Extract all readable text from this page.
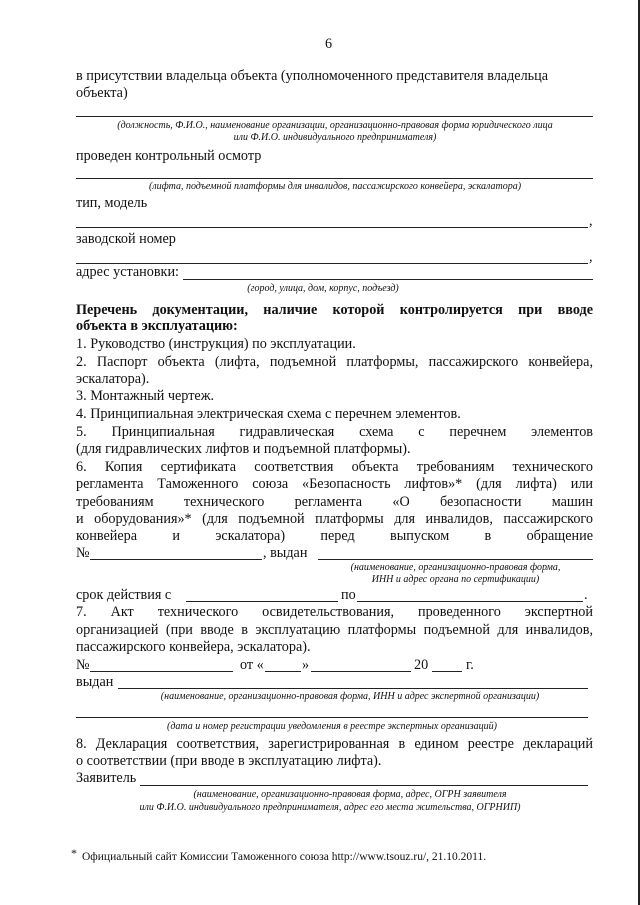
6
в присутствии владельца объекта (уполномоченного представителя владельца
объекта)
(должность, Ф.И.О., наименование организации, организационно-правовая форма юридического лица
или Ф.И.О. индивидуального предпринимателя)
проведен контрольный осмотр
(лифта, подъемной платформы для инвалидов, пассажирского конвейера, эскалатора)
тип, модель
,
заводской номер
,
адрес установки:
(город, улица, дом, корпус, подъезд)
Перечень документации, наличие которой контролируется при вводе
объекта в эксплуатацию:
1. Руководство (инструкция) по эксплуатации.
2. Паспорт объекта (лифта, подъемной платформы, пассажирского конвейера,
эскалатора).
3. Монтажный чертеж.
4. Принципиальная электрическая схема с перечнем элементов.
5. Принципиальная гидравлическая схема с перечнем элементов
(для гидравлических лифтов и подъемной платформы).
6. Копия сертификата соответствия объекта требованиям технического
регламента Таможенного союза «Безопасность лифтов»* (для лифта) или
требованиям технического регламента «О безопасности машин
и оборудования»* (для подъемной платформы для инвалидов, пассажирского
конвейера и эскалатора) перед выпуском в обращение
№	, выдан
(наименование, организационно-правовая форма,
ИНН и адрес органа по сертификации)
срок действия с	по	.
7. Акт технического освидетельствования, проведенного экспертной
организацией (при вводе в эксплуатацию платформы подъемной для инвалидов,
пассажирского конвейера, эскалатора).
№	от «	»	20	г.
выдан
(наименование, организационно-правовая форма, ИНН и адрес экспертной организации)
(дата и номер регистрации уведомления в реестре экспертных организаций)
8. Декларация соответствия, зарегистрированная в едином реестре деклараций
о соответствии (при вводе в эксплуатацию лифта).
Заявитель
(наименование, организационно-правовая форма, адрес, ОГРН заявителя
или Ф.И.О. индивидуального предпринимателя, адрес его места жительства, ОГРНИП)
* Официальный сайт Комиссии Таможенного союза http://www.tsouz.ru/, 21.10.2011.
